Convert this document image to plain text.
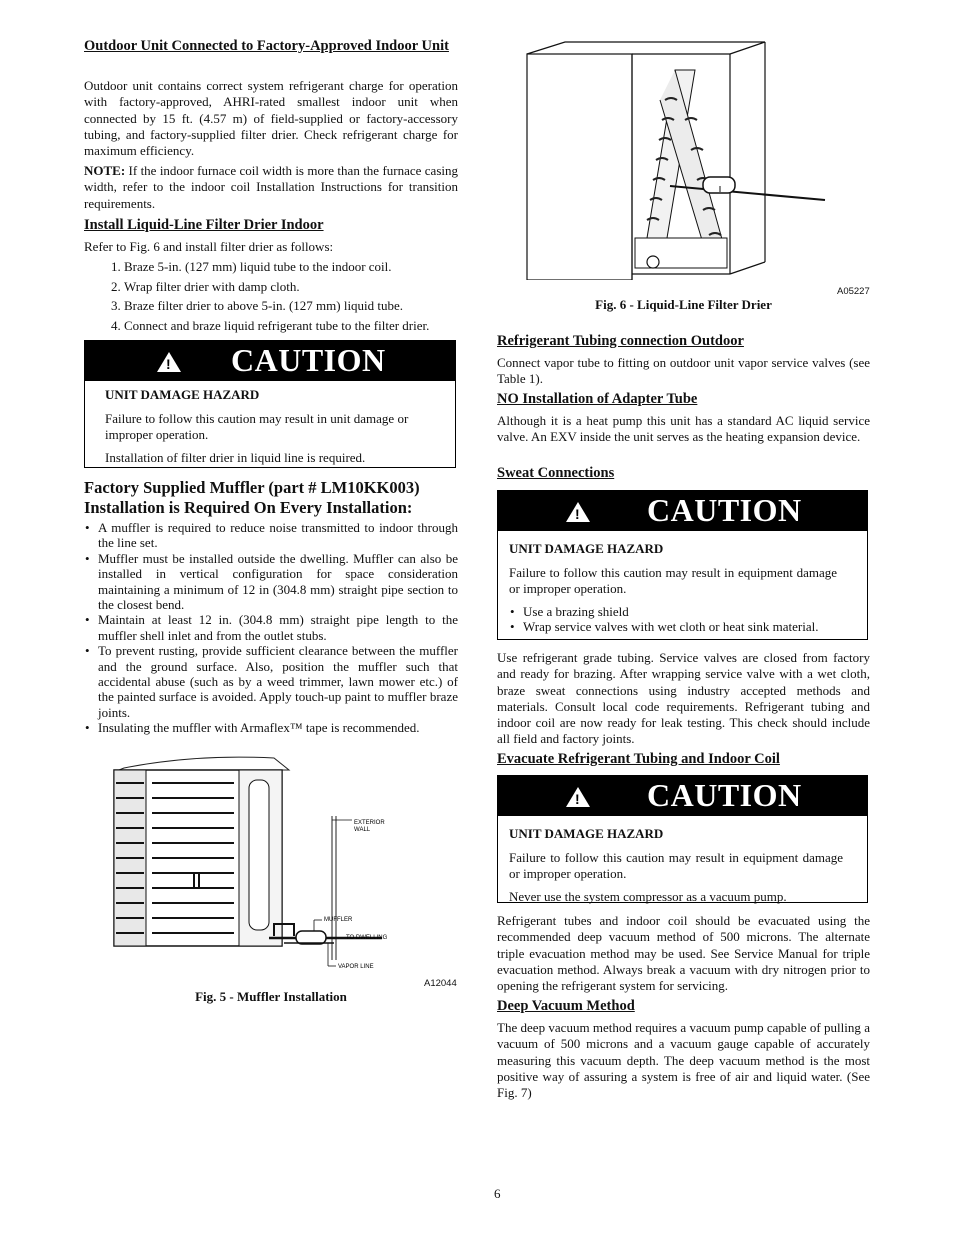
Outdoor Unit Connected to Factory-Approved Indoor Unit

Outdoor unit contains correct system refrigerant charge for operation with factory-approved, AHRI-rated smallest indoor unit when connected by 15 ft. (4.57 m) of field-supplied or factory-accessory tubing, and factory-supplied filter drier. Check refrigerant charge for maximum efficiency.

NOTE: If the indoor furnace coil width is more than the furnace casing width, refer to the indoor coil Installation Instructions for transition requirements.

Install Liquid-Line Filter Drier Indoor

Refer to Fig. 6 and install filter drier as follows:

1. Braze 5-in. (127 mm) liquid tube to the indoor coil.
2. Wrap filter drier with damp cloth.
3. Braze filter drier to above 5-in. (127 mm) liquid tube.
4. Connect and braze liquid refrigerant tube to the filter drier.
! CAUTION
UNIT DAMAGE HAZARD

Failure to follow this caution may result in unit damage or improper operation.

Installation of filter drier in liquid line is required.

Factory Supplied Muffler (part # LM10KK003) Installation is Required On Every Installation:
• A muffler is required to reduce noise transmitted to indoor through the line set.
• Muffler must be installed outside the dwelling. Muffler can also be installed in vertical configuration for space consideration maintaining a minimum of 12 in (304.8 mm) straight pipe section to the closest bend.
• Maintain at least 12 in. (304.8 mm) straight pipe length to the muffler shell inlet and from the outlet stubs.
• To prevent rusting, provide sufficient clearance between the muffler and the ground surface. Also, position the muffler such that accidental abuse (such as by a weed trimmer, lawn mower etc.) of the painted surface is avoided. Apply touch-up paint to muffler braze joints.
• Insulating the muffler with Armaflex™ tape is recommended.
EXTERIOR
WALL
MUFFLER
TO DWELLING
VAPOR LINE
A12044
Fig. 5 - Muffler Installation
A05227
Fig. 6 - Liquid-Line Filter Drier
Refrigerant Tubing connection Outdoor

Connect vapor tube to fitting on outdoor unit vapor service valves (see Table 1).

NO Installation of Adapter Tube

Although it is a heat pump this unit has a standard AC liquid service valve. An EXV inside the unit serves as the heating expansion device.

Sweat Connections
! CAUTION
UNIT DAMAGE HAZARD

Failure to follow this caution may result in equipment damage or improper operation.

• Use a brazing shield
• Wrap service valves with wet cloth or heat sink material.

Use refrigerant grade tubing. Service valves are closed from factory and ready for brazing. After wrapping service valve with a wet cloth, braze sweat connections using industry accepted methods and materials. Consult local code requirements. Refrigerant tubing and indoor coil are now ready for leak testing. This check should include all field and factory joints.

Evacuate Refrigerant Tubing and Indoor Coil
! CAUTION
UNIT DAMAGE HAZARD

Failure to follow this caution may result in equipment damage or improper operation.

Never use the system compressor as a vacuum pump.

Refrigerant tubes and indoor coil should be evacuated using the recommended deep vacuum method of 500 microns. The alternate triple evacuation method may be used. See Service Manual for triple evacuation method. Always break a vacuum with dry nitrogen prior to opening the refrigerant system for servicing.

Deep Vacuum Method

The deep vacuum method requires a vacuum pump capable of pulling a vacuum of 500 microns and a vacuum gauge capable of accurately measuring this vacuum depth. The deep vacuum method is the most positive way of assuring a system is free of air and liquid water. (See Fig. 7)

6
